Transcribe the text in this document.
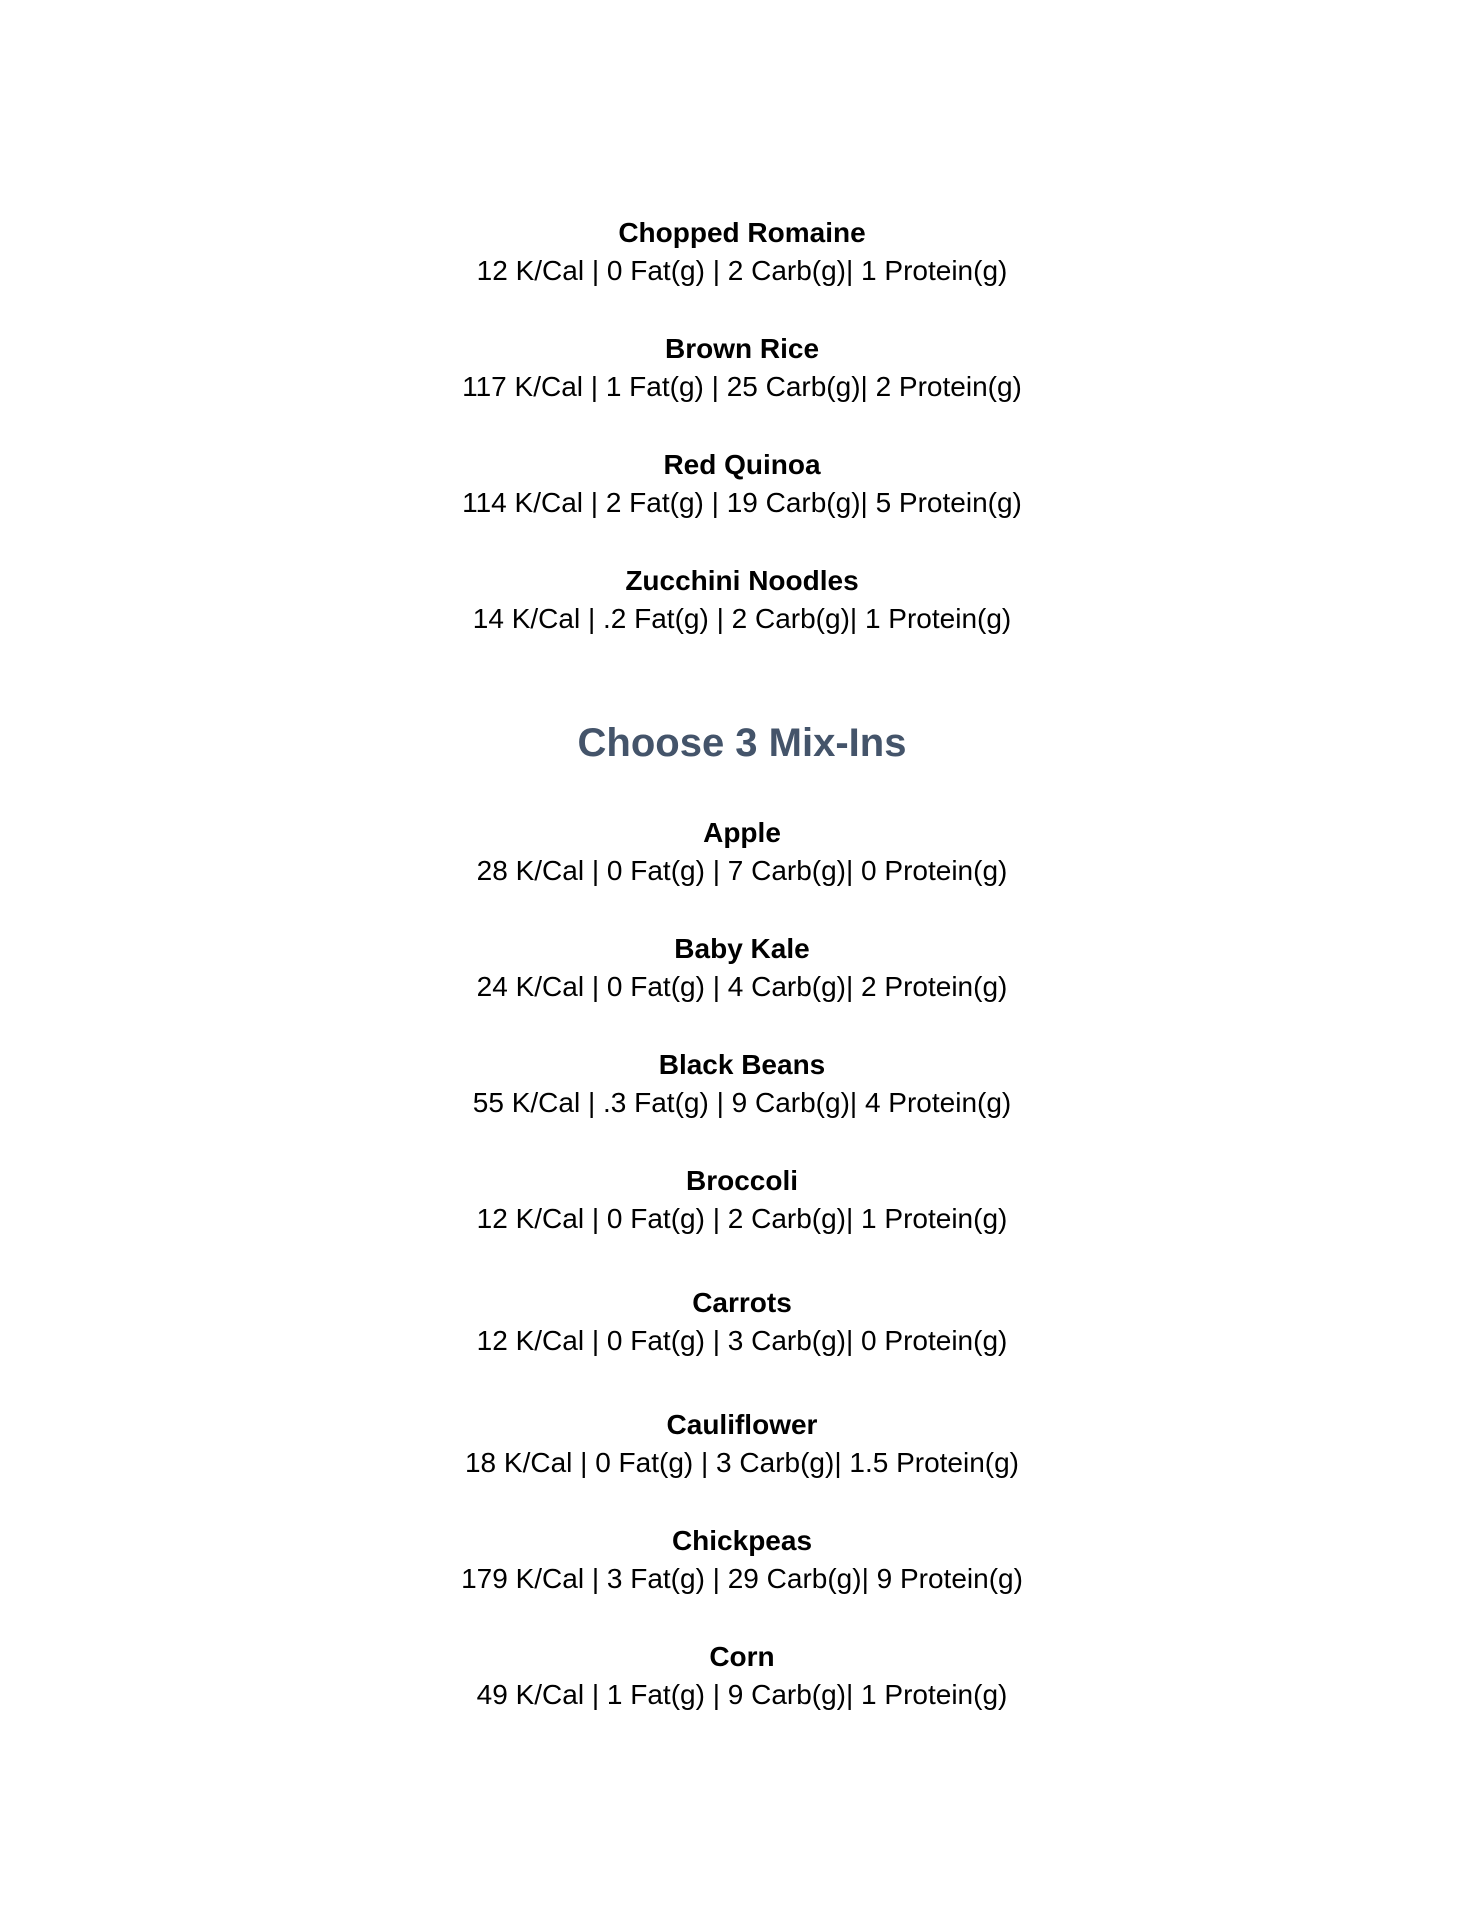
Chopped Romaine
12 K/Cal | 0 Fat(g) | 2 Carb(g)| 1 Protein(g)
Brown Rice
117 K/Cal | 1 Fat(g) | 25 Carb(g)| 2 Protein(g)
Red Quinoa
114 K/Cal | 2 Fat(g) | 19 Carb(g)| 5 Protein(g)
Zucchini Noodles
14 K/Cal | .2 Fat(g) | 2 Carb(g)| 1 Protein(g)
Choose 3 Mix-Ins
Apple
28 K/Cal | 0 Fat(g) | 7 Carb(g)| 0 Protein(g)
Baby Kale
24 K/Cal | 0 Fat(g) | 4 Carb(g)| 2 Protein(g)
Black Beans
55 K/Cal | .3 Fat(g) | 9 Carb(g)| 4 Protein(g)
Broccoli
12 K/Cal | 0 Fat(g) | 2 Carb(g)| 1 Protein(g)
Carrots
12 K/Cal | 0 Fat(g) | 3 Carb(g)| 0 Protein(g)
Cauliflower
18 K/Cal | 0 Fat(g) | 3 Carb(g)| 1.5 Protein(g)
Chickpeas
179 K/Cal | 3 Fat(g) | 29 Carb(g)| 9 Protein(g)
Corn
49 K/Cal | 1 Fat(g) | 9 Carb(g)| 1 Protein(g)
